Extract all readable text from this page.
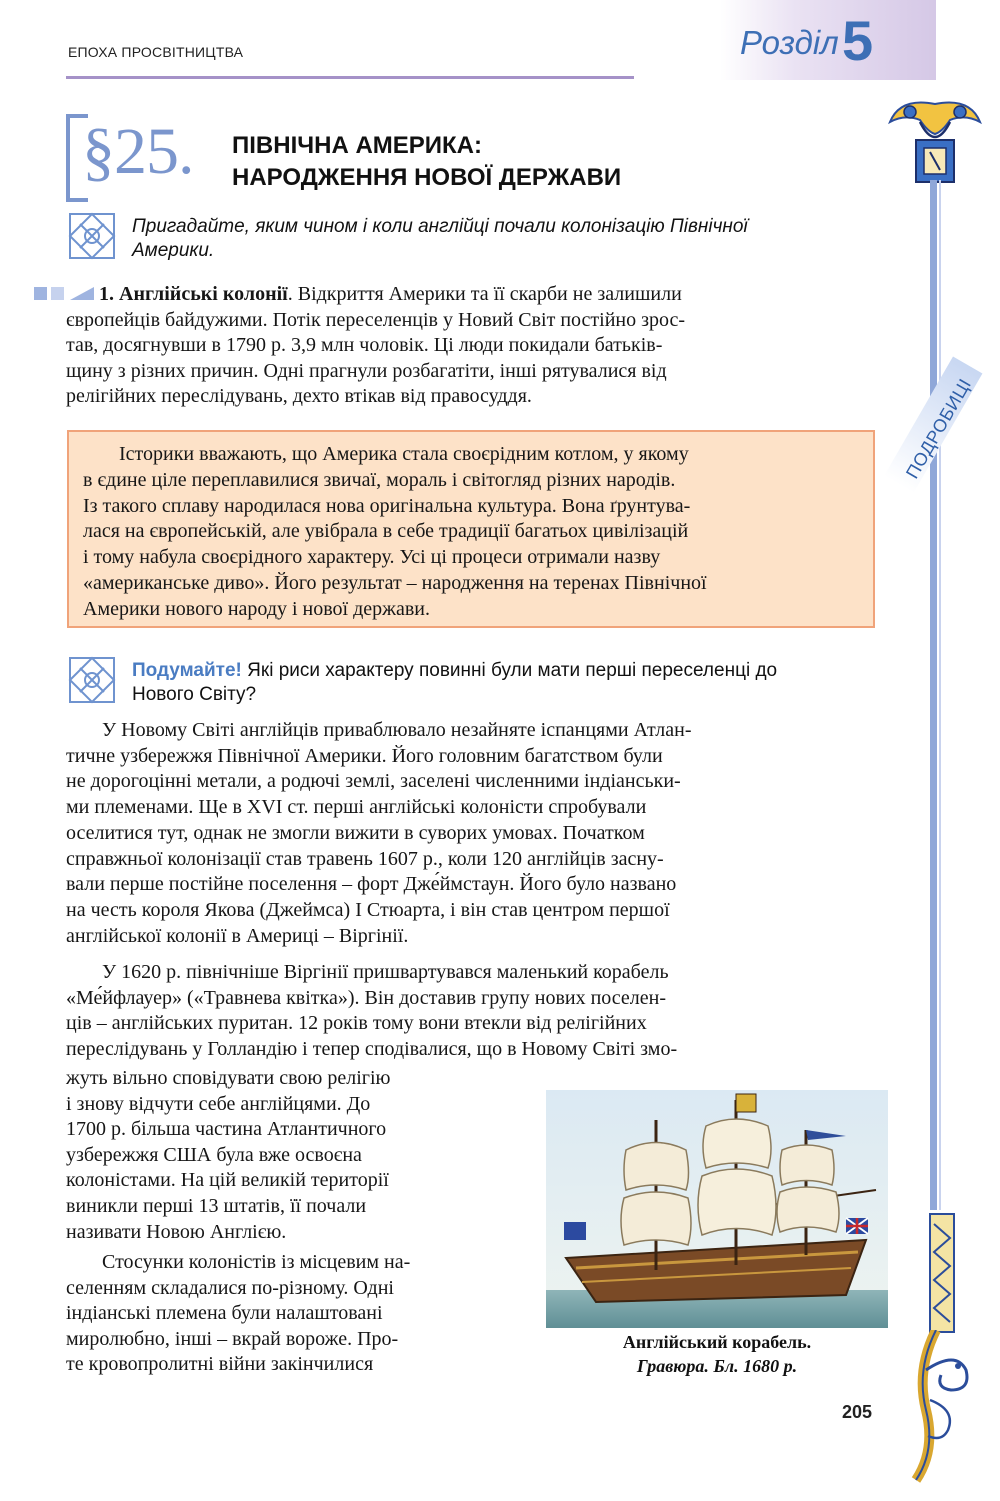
ЕПОХА ПРОСВІТНИЦТВА	Розділ 5
§25. ПІВНІЧНА АМЕРИКА:
НАРОДЖЕННЯ НОВОЇ ДЕРЖАВИ
Пригадайте, яким чином і коли англійці почали колонізацію Північної
Америки.
1. Англійські колонії. Відкриття Америки та її скарби не залишили
європейців байдужими. Потік переселенців у Новий Світ постійно зрос-
тав, досягнувши в 1790 р. 3,9 млн чоловік. Ці люди покидали батьків-
щину з різних причин. Одні прагнули розбагатіти, інші рятувалися від
релігійних переслідувань, дехто втікав від правосуддя.
Історики вважають, що Америка стала своєрідним котлом, у якому
в єдине ціле переплавилися звичаї, мораль і світогляд різних народів.
Із такого сплаву народилася нова оригінальна культура. Вона ґрунтува-
лася на європейській, але увібрала в себе традиції багатьох цивілізацій
і тому набула своєрідного характеру. Усі ці процеси отримали назву
«американське диво». Його результат – народження на теренах Північної
Америки нового народу і нової держави.
ПОДРОБИЦІ
Подумайте! Які риси характеру повинні були мати перші переселенці до
Нового Світу?
У Новому Світі англійців приваблювало незайняте іспанцями Атлан-
тичне узбережжя Північної Америки. Його головним багатством були
не дорогоцінні метали, а родючі землі, заселені численними індіанськи-
ми племенами. Ще в XVI ст. перші англійські колоністи спробували
оселитися тут, однак не змогли вижити в суворих умовах. Початком
справжньої колонізації став травень 1607 р., коли 120 англійців засну-
вали перше постійне поселення – форт Дже́ймстаун. Його було названо
на честь короля Якова (Джеймса) І Стюарта, і він став центром першої
англійської колонії в Америці – Віргінії.
У 1620 р. північніше Віргінії пришвартувався маленький корабель
«Ме́йфлауер» («Травнева квітка»). Він доставив групу нових поселен-
ців – англійських пуритан. 12 років тому вони втекли від релігійних
переслідувань у Голландію і тепер сподівалися, що в Новому Світі змо-
жуть вільно сповідувати свою релігію
і знову відчути себе англійцями. До
1700 р. більша частина Атлантичного
узбережжя США була вже освоєна
колоністами. На цій великій території
виникли перші 13 штатів, її почали
називати Новою Англією.
Стосунки колоністів із місцевим на-
селенням складалися по-різному. Одні
індіанські племена були налаштовані
миролюбно, інші – вкрай вороже. Про-
те кровопролитні війни закінчилися
Англійський корабель.
Гравюра. Бл. 1680 р.
205
